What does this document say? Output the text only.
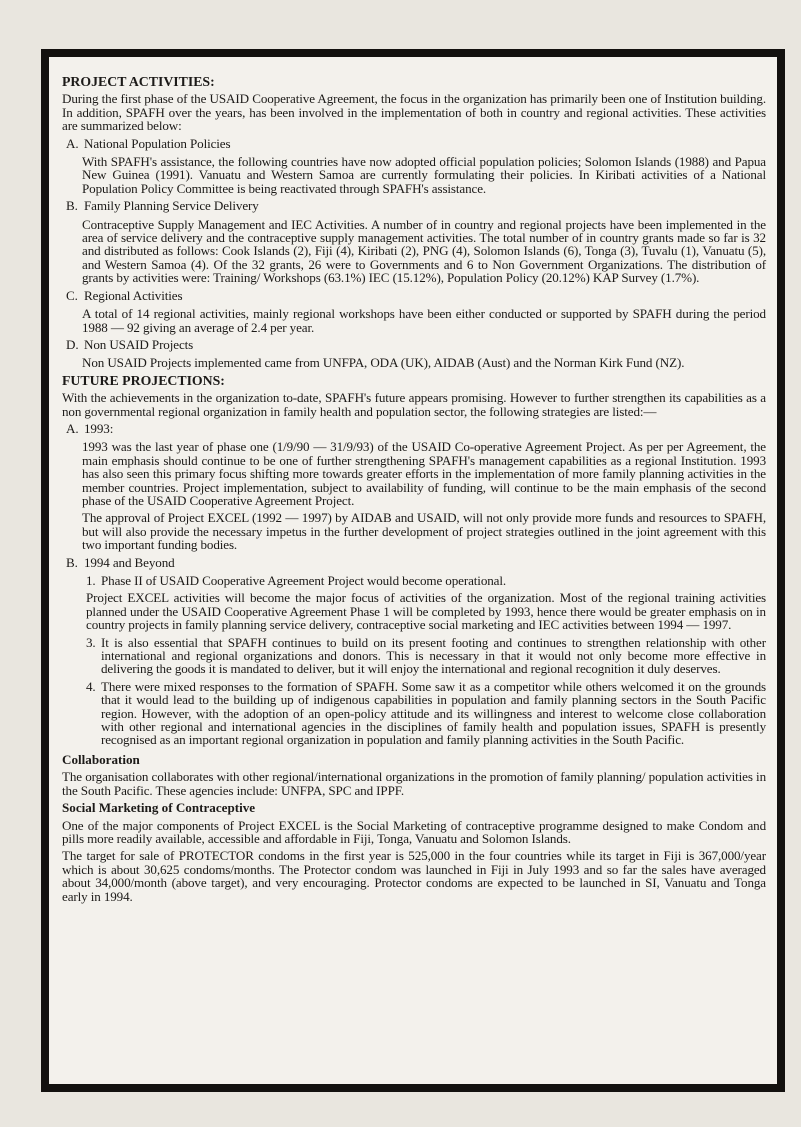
PROJECT ACTIVITIES:

During the first phase of the USAID Cooperative Agreement, the focus in the organization has primarily been one of Institution building. In addition, SPAFH over the years, has been involved in the implementation of both in country and regional activities. These activities are summarized below:

A. National Population Policies

With SPAFH's assistance, the following countries have now adopted official population policies; Solomon Islands (1988) and Papua New Guinea (1991). Vanuatu and Western Samoa are currently formulating their policies. In Kiribati activities of a National Population Policy Committee is being reactivated through SPAFH's assistance.

B. Family Planning Service Delivery

Contraceptive Supply Management and IEC Activities. A number of in country and regional projects have been implemented in the area of service delivery and the contraceptive supply management activities. The total number of in country grants made so far is 32 and distributed as follows: Cook Islands (2), Fiji (4), Kiribati (2), PNG (4), Solomon Islands (6), Tonga (3), Tuvalu (1), Vanuatu (5), and Western Samoa (4). Of the 32 grants, 26 were to Governments and 6 to Non Government Organizations. The distribution of grants by activities were: Training/ Workshops (63.1%) IEC (15.12%), Population Policy (20.12%) KAP Survey (1.7%).

C. Regional Activities

A total of 14 regional activities, mainly regional workshops have been either conducted or supported by SPAFH during the period 1988 — 92 giving an average of 2.4 per year.

D. Non USAID Projects

Non USAID Projects implemented came from UNFPA, ODA (UK), AIDAB (Aust) and the Norman Kirk Fund (NZ).

FUTURE PROJECTIONS:

With the achievements in the organization to-date, SPAFH's future appears promising. However to further strengthen its capabilities as a non governmental regional organization in family health and population sector, the following strategies are listed:—

A. 1993:

1993 was the last year of phase one (1/9/90 — 31/9/93) of the USAID Co-operative Agreement Project. As per per Agreement, the main emphasis should continue to be one of further strengthening SPAFH's management capabilities as a regional Institution. 1993 has also seen this primary focus shifting more towards greater efforts in the implementation of more family planning activities in the member countries. Project implementation, subject to availability of funding, will continue to be the main emphasis of the second phase of the USAID Cooperative Agreement Project.

The approval of Project EXCEL (1992 — 1997) by AIDAB and USAID, will not only provide more funds and resources to SPAFH, but will also provide the necessary impetus in the further development of project strategies outlined in the joint agreement with this two important funding bodies.

B. 1994 and Beyond
1. Phase II of USAID Cooperative Agreement Project would become operational.

Project EXCEL activities will become the major focus of activities of the organization. Most of the regional training activities planned under the USAID Cooperative Agreement Phase 1 will be completed by 1993, hence there would be greater emphasis on in country projects in family planning service delivery, contraceptive social marketing and IEC activities between 1994 — 1997.

3. It is also essential that SPAFH continues to build on its present footing and continues to strengthen relationship with other international and regional organizations and donors. This is necessary in that it would not only become more effective in delivering the goods it is mandated to deliver, but it will enjoy the international and regional recognition it duly deserves.
4. There were mixed responses to the formation of SPAFH. Some saw it as a competitor while others welcomed it on the grounds that it would lead to the building up of indigenous capabilities in population and family planning sectors in the South Pacific region. However, with the adoption of an open-policy attitude and its willingness and interest to welcome close collaboration with other regional and international agencies in the disciplines of family health and population issues, SPAFH is presently recognised as an important regional organization in population and family planning activities in the South Pacific.
Collaboration

The organisation collaborates with other regional/international organizations in the promotion of family planning/ population activities in the South Pacific. These agencies include: UNFPA, SPC and IPPF.

Social Marketing of Contraceptive

One of the major components of Project EXCEL is the Social Marketing of contraceptive programme designed to make Condom and pills more readily available, accessible and affordable in Fiji, Tonga, Vanuatu and Solomon Islands.

The target for sale of PROTECTOR condoms in the first year is 525,000 in the four countries while its target in Fiji is 367,000/year which is about 30,625 condoms/months. The Protector condom was launched in Fiji in July 1993 and so far the sales have averaged about 34,000/month (above target), and very encouraging. Protector condoms are expected to be launched in SI, Vanuatu and Tonga early in 1994.
